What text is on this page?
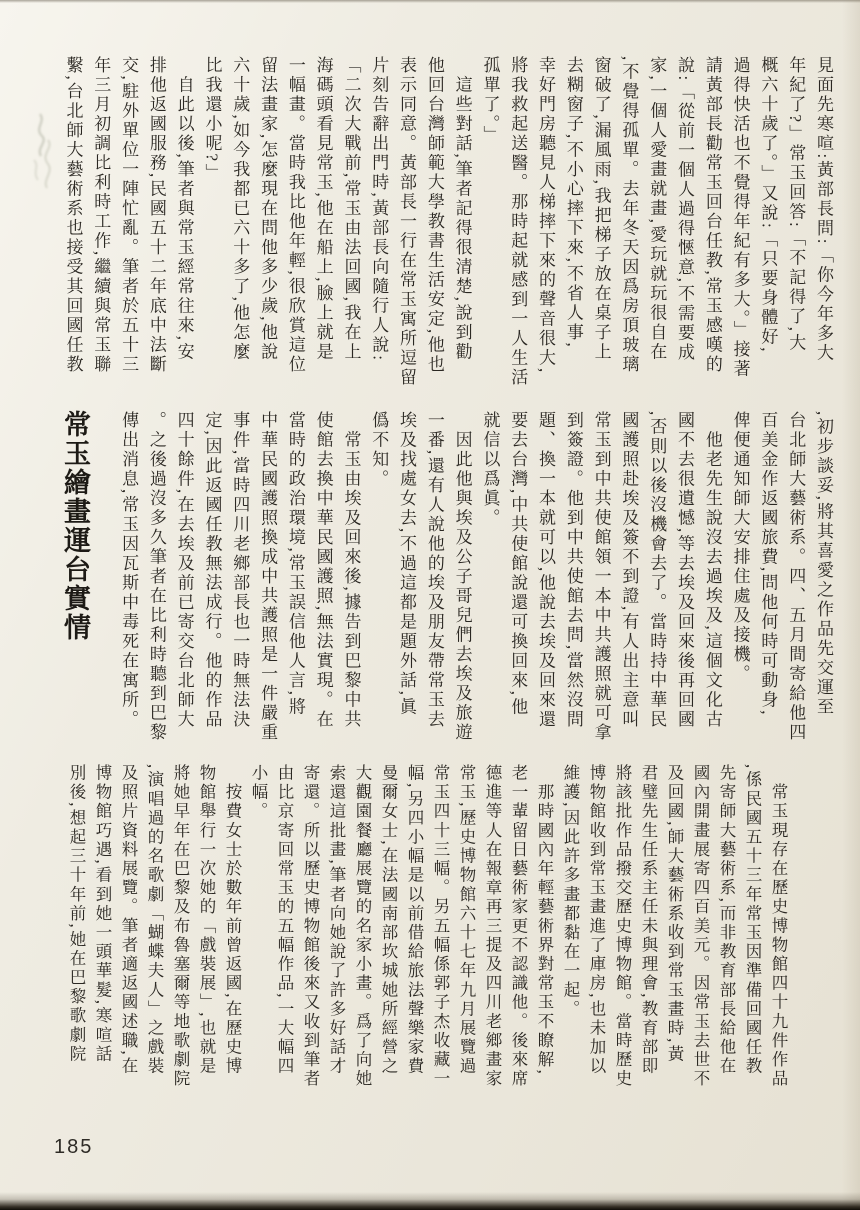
見面先寒喧:黃部長問:「你今年多大
年紀了?」常玉回答:「不記得了,大
概六十歲了。」又說:「只要身體好,
過得快活也不覺得年紀有多大。」接著
請黃部長勸常玉回台任教,常玉感嘆的
說:「從前一個人過得愜意,不需要成
家,一個人愛畫就畫,愛玩就玩很自在
,不覺得孤單。去年冬天因爲房頂玻璃
窗破了,漏風雨,我把梯子放在桌子上
去糊窗子,不小心摔下來,不省人事,
幸好門房聽見人梯摔下來的聲音很大,
將我救起送醫。那時起就感到一人生活
孤單了。」
　這些對話,筆者記得很清楚,說到勸
他回台灣師範大學教書生活安定,他也
表示同意。黃部長一行在常玉寓所逗留
片刻告辭出門時,黃部長向隨行人說:
「二次大戰前,常玉由法回國,我在上
海碼頭看見常玉,他在船上,臉上就是
一幅畫。當時我比他年輕,很欣賞這位
留法畫家,怎麼現在問他多少歲,他說
六十歲,如今我都已六十多了,他怎麼
比我還小呢?」
　自此以後,筆者與常玉經常往來,安
排他返國服務,民國五十二年底中法斷
交,駐外單位一陣忙亂。筆者於五十三
年三月初調比利時工作,繼續與常玉聯
繫,台北師大藝術系也接受其回國任教
,初步談妥,將其喜愛之作品先交運至
台北師大藝術系。四、五月間寄給他四
百美金作返國旅費,問他何時可動身,
俾便通知師大安排住處及接機。
　他老先生說沒去過埃及,這個文化古
國不去很遺憾,等去埃及回來後再回國
,否則以後沒機會去了。當時持中華民
國護照赴埃及簽不到證,有人出主意叫
常玉到中共使館領一本中共護照就可拿
到簽證。他到中共使館去問,當然沒問
題、換一本就可以,他說去埃及回來還
要去台灣,中共使館說還可換回來,他
就信以爲眞。
　因此他與埃及公子哥兒們去埃及旅遊
一番,還有人說他的埃及朋友帶常玉去
埃及找處女去,不過這都是題外話,眞
僞不知。
　常玉由埃及回來後,據告到巴黎中共
使館去換中華民國護照,無法實現。在
當時的政治環境,常玉誤信他人言,將
中華民國護照換成中共護照是一件嚴重
事件,當時四川老鄉部長也一時無法決
定,因此返國任教無法成行。他的作品
四十餘件,在去埃及前已寄交台北師大
。之後過沒多久筆者在比利時聽到巴黎
傳出消息,常玉因瓦斯中毒死在寓所。
常玉繪畫運台實情
　常玉現存在歷史博物館四十九件作品
,係民國五十三年常玉因準備回國任教
先寄師大藝術系,而非教育部長給他在
國內開畫展寄四百美元。因常玉去世不
及回國,師大藝術系收到常玉畫時,黃
君璧先生任系主任未與理會,教育部即
將該批作品撥交歷史博物館。當時歷史
博物館收到常玉畫進了庫房,也未加以
維護,因此許多畫都黏在一起。
　那時國內年輕藝術界對常玉不瞭解,
老一輩留日藝術家更不認識他。後來席
德進等人在報章再三提及四川老鄉畫家
常玉,歷史博物館六十七年九月展覽過
常玉四十三幅。另五幅係郭子杰收藏一
幅,另四小幅是以前借給旅法聲樂家費
曼爾女士,在法國南部坎城她所經營之
大觀園餐廳展覽的名家小畫。爲了向她
索還這批畫,筆者向她說了許多好話才
寄還。所以歷史博物館後來又收到筆者
由比京寄回常玉的五幅作品,一大幅四
小幅。
　按費女士於數年前曾返國,在歷史博
物館舉行一次她的「戲裝展」,也就是
將她早年在巴黎及布魯塞爾等地歌劇院
,演唱過的名歌劇「蝴蝶夫人」之戲裝
及照片資料展覽。筆者適返國述職,在
博物館巧遇,看到她一頭華髮,寒喧話
別後,想起三十年前,她在巴黎歌劇院
185
